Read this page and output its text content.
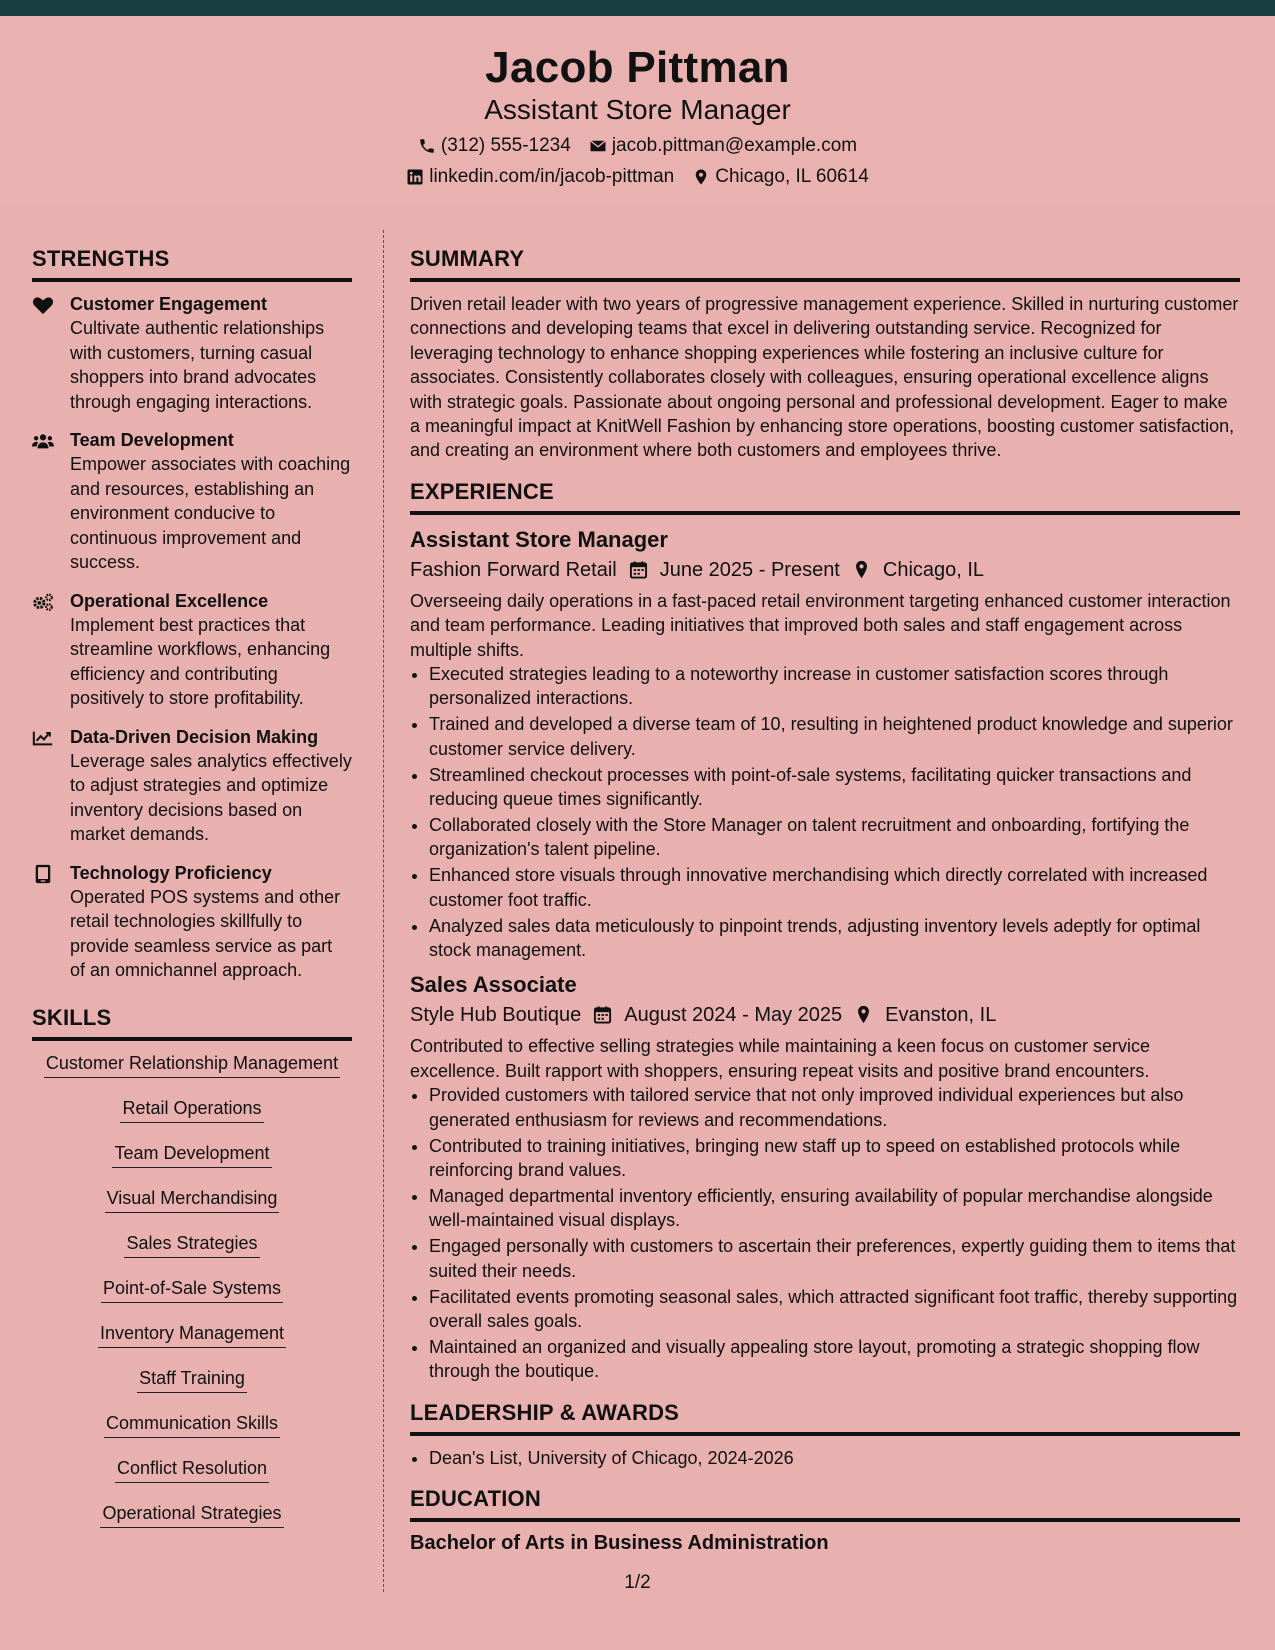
Jacob Pittman
Assistant Store Manager
(312) 555-1234 jacob.pittman@example.com
linkedin.com/in/jacob-pittman Chicago, IL 60614
STRENGTHS
Customer Engagement
Cultivate authentic relationships with customers, turning casual shoppers into brand advocates through engaging interactions.
Team Development
Empower associates with coaching and resources, establishing an environment conducive to continuous improvement and success.
Operational Excellence
Implement best practices that streamline workflows, enhancing efficiency and contributing positively to store profitability.
Data-Driven Decision Making
Leverage sales analytics effectively to adjust strategies and optimize inventory decisions based on market demands.
Technology Proficiency
Operated POS systems and other retail technologies skillfully to provide seamless service as part of an omnichannel approach.
SKILLS
Customer Relationship Management
Retail Operations
Team Development
Visual Merchandising
Sales Strategies
Point-of-Sale Systems
Inventory Management
Staff Training
Communication Skills
Conflict Resolution
Operational Strategies
SUMMARY

Driven retail leader with two years of progressive management experience. Skilled in nurturing customer connections and developing teams that excel in delivering outstanding service. Recognized for leveraging technology to enhance shopping experiences while fostering an inclusive culture for associates. Consistently collaborates closely with colleagues, ensuring operational excellence aligns with strategic goals. Passionate about ongoing personal and professional development. Eager to make a meaningful impact at KnitWell Fashion by enhancing store operations, boosting customer satisfaction, and creating an environment where both customers and employees thrive.

EXPERIENCE
Assistant Store Manager
Fashion Forward Retail June 2025 - Present Chicago, IL

Overseeing daily operations in a fast-paced retail environment targeting enhanced customer interaction and team performance. Leading initiatives that improved both sales and staff engagement across multiple shifts.

• Executed strategies leading to a noteworthy increase in customer satisfaction scores through personalized interactions.
• Trained and developed a diverse team of 10, resulting in heightened product knowledge and superior customer service delivery.
• Streamlined checkout processes with point-of-sale systems, facilitating quicker transactions and reducing queue times significantly.
• Collaborated closely with the Store Manager on talent recruitment and onboarding, fortifying the organization's talent pipeline.
• Enhanced store visuals through innovative merchandising which directly correlated with increased customer foot traffic.
• Analyzed sales data meticulously to pinpoint trends, adjusting inventory levels adeptly for optimal stock management.
Sales Associate
Style Hub Boutique August 2024 - May 2025 Evanston, IL

Contributed to effective selling strategies while maintaining a keen focus on customer service excellence. Built rapport with shoppers, ensuring repeat visits and positive brand encounters.

• Provided customers with tailored service that not only improved individual experiences but also generated enthusiasm for reviews and recommendations.
• Contributed to training initiatives, bringing new staff up to speed on established protocols while reinforcing brand values.
• Managed departmental inventory efficiently, ensuring availability of popular merchandise alongside well-maintained visual displays.
• Engaged personally with customers to ascertain their preferences, expertly guiding them to items that suited their needs.
• Facilitated events promoting seasonal sales, which attracted significant foot traffic, thereby supporting overall sales goals.
• Maintained an organized and visually appealing store layout, promoting a strategic shopping flow through the boutique.
LEADERSHIP & AWARDS
• Dean's List, University of Chicago, 2024-2026
EDUCATION
Bachelor of Arts in Business Administration
1/2
